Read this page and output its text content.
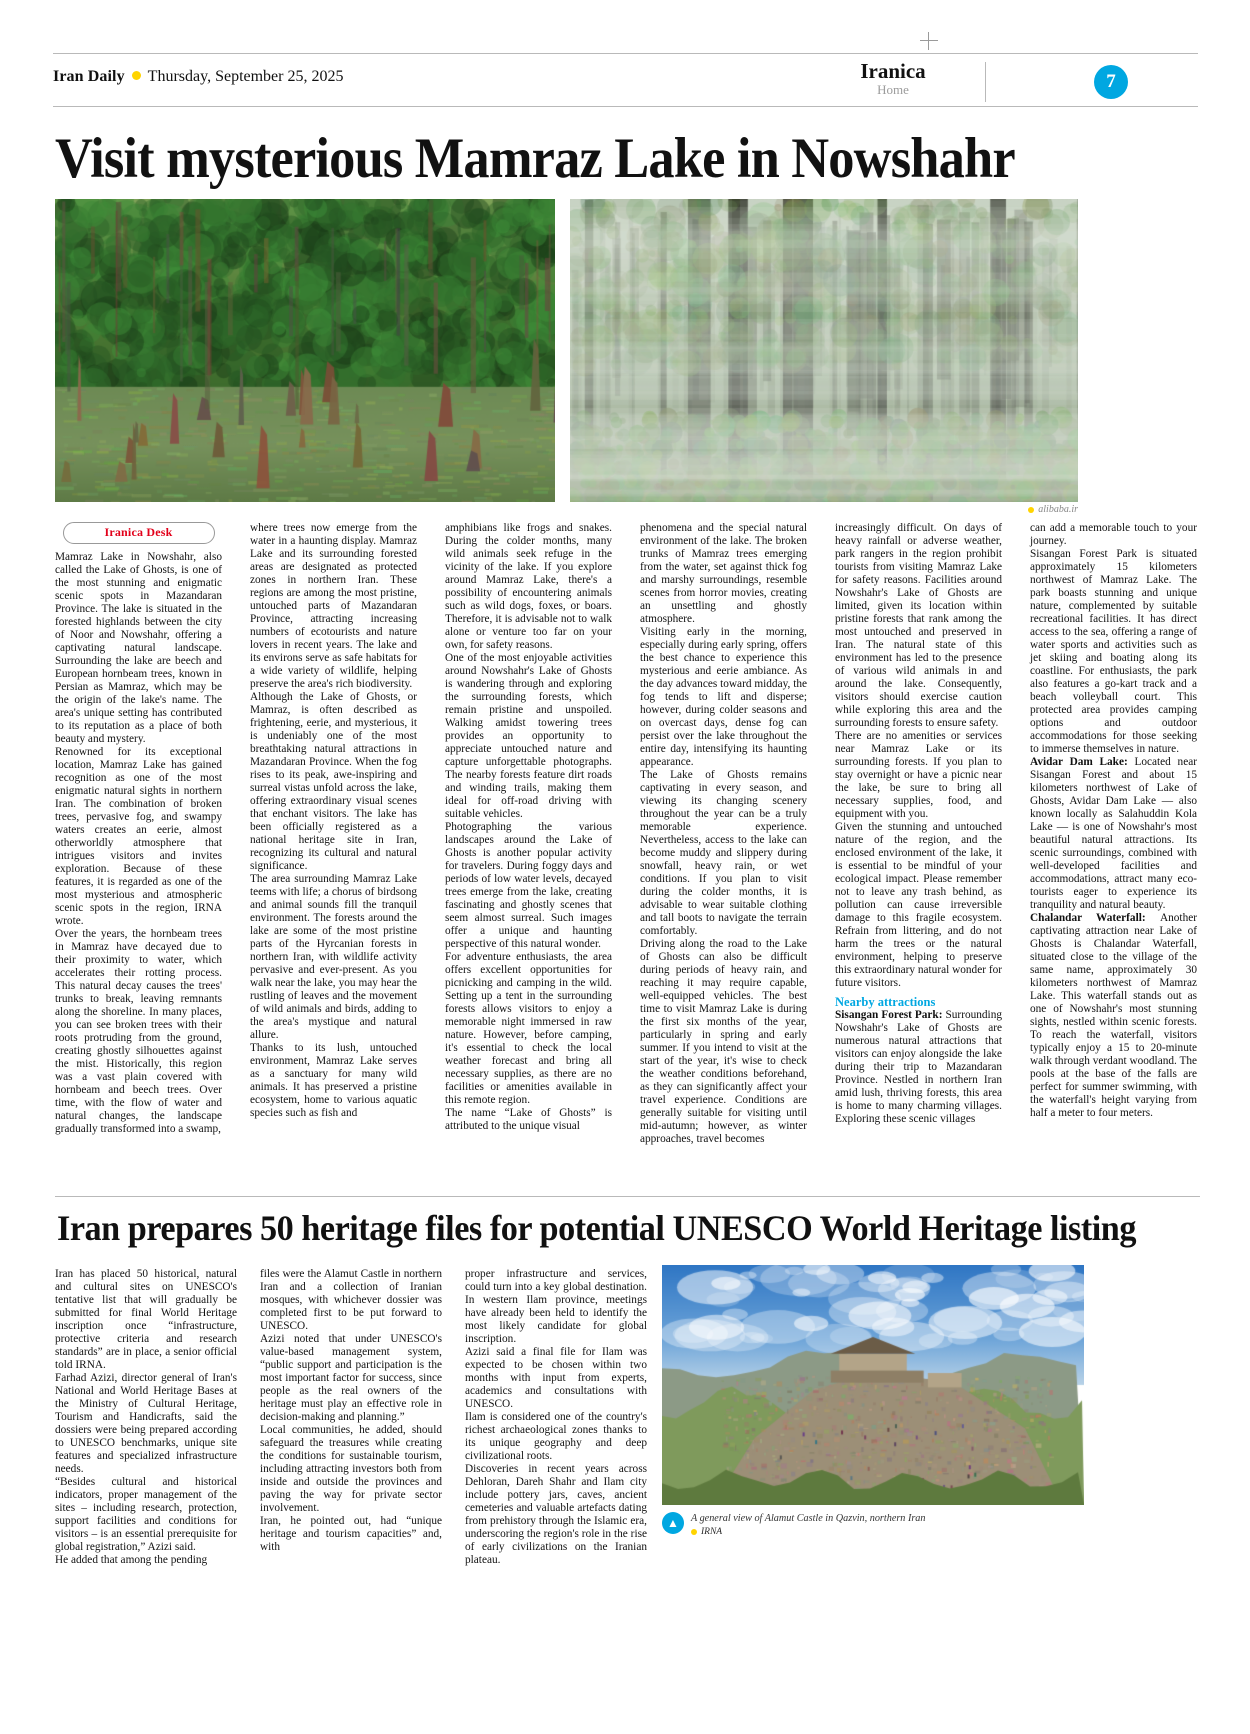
Iran Daily Thursday, September 25, 2025	Iranica
Home	7
Visit mysterious Mamraz Lake in Nowshahr
alibaba.ir
Iranica Desk

Mamraz Lake in Nowshahr, also called the Lake of Ghosts, is one of the most stunning and enigmatic scenic spots in Mazandaran Province. The lake is situated in the forested highlands between the city of Noor and Nowshahr, offering a captivating natural landscape. Surrounding the lake are beech and European hornbeam trees, known in Persian as Mamraz, which may be the origin of the lake's name. The area's unique setting has contributed to its reputation as a place of both beauty and mystery.

Renowned for its exceptional location, Mamraz Lake has gained recognition as one of the most enigmatic natural sights in northern Iran. The combination of broken trees, pervasive fog, and swampy waters creates an eerie, almost otherworldly atmosphere that intrigues visitors and invites exploration. Because of these features, it is regarded as one of the most mysterious and atmospheric scenic spots in the region, IRNA wrote.

Over the years, the hornbeam trees in Mamraz have decayed due to their proximity to water, which accelerates their rotting process. This natural decay causes the trees' trunks to break, leaving remnants along the shoreline. In many places, you can see broken trees with their roots protruding from the ground, creating ghostly silhouettes against the mist. Historically, this region was a vast plain covered with hornbeam and beech trees. Over time, with the flow of water and natural changes, the landscape gradually transformed into a swamp,

where trees now emerge from the water in a haunting display. Mamraz Lake and its surrounding forested areas are designated as protected zones in northern Iran. These regions are among the most pristine, untouched parts of Mazandaran Province, attracting increasing numbers of ecotourists and nature lovers in recent years. The lake and its environs serve as safe habitats for a wide variety of wildlife, helping preserve the area's rich biodiversity.

Although the Lake of Ghosts, or Mamraz, is often described as frightening, eerie, and mysterious, it is undeniably one of the most breathtaking natural attractions in Mazandaran Province. When the fog rises to its peak, awe-inspiring and surreal vistas unfold across the lake, offering extraordinary visual scenes that enchant visitors. The lake has been officially registered as a national heritage site in Iran, recognizing its cultural and natural significance.

The area surrounding Mamraz Lake teems with life; a chorus of birdsong and animal sounds fill the tranquil environment. The forests around the lake are some of the most pristine parts of the Hyrcanian forests in northern Iran, with wildlife activity pervasive and ever-present. As you walk near the lake, you may hear the rustling of leaves and the movement of wild animals and birds, adding to the area's mystique and natural allure.

Thanks to its lush, untouched environment, Mamraz Lake serves as a sanctuary for many wild animals. It has preserved a pristine ecosystem, home to various aquatic species such as fish and

amphibians like frogs and snakes. During the colder months, many wild animals seek refuge in the vicinity of the lake. If you explore around Mamraz Lake, there's a possibility of encountering animals such as wild dogs, foxes, or boars. Therefore, it is advisable not to walk alone or venture too far on your own, for safety reasons.

One of the most enjoyable activities around Nowshahr's Lake of Ghosts is wandering through and exploring the surrounding forests, which remain pristine and unspoiled. Walking amidst towering trees provides an opportunity to appreciate untouched nature and capture unforgettable photographs. The nearby forests feature dirt roads and winding trails, making them ideal for off-road driving with suitable vehicles.

Photographing the various landscapes around the Lake of Ghosts is another popular activity for travelers. During foggy days and periods of low water levels, decayed trees emerge from the lake, creating fascinating and ghostly scenes that seem almost surreal. Such images offer a unique and haunting perspective of this natural wonder.

For adventure enthusiasts, the area offers excellent opportunities for picnicking and camping in the wild. Setting up a tent in the surrounding forests allows visitors to enjoy a memorable night immersed in raw nature. However, before camping, it's essential to check the local weather forecast and bring all necessary supplies, as there are no facilities or amenities available in this remote region.

The name “Lake of Ghosts” is attributed to the unique visual

phenomena and the special natural environment of the lake. The broken trunks of Mamraz trees emerging from the water, set against thick fog and marshy surroundings, resemble scenes from horror movies, creating an unsettling and ghostly atmosphere.

Visiting early in the morning, especially during early spring, offers the best chance to experience this mysterious and eerie ambiance. As the day advances toward midday, the fog tends to lift and disperse; however, during colder seasons and on overcast days, dense fog can persist over the lake throughout the entire day, intensifying its haunting appearance.

The Lake of Ghosts remains captivating in every season, and viewing its changing scenery throughout the year can be a truly memorable experience. Nevertheless, access to the lake can become muddy and slippery during snowfall, heavy rain, or wet conditions. If you plan to visit during the colder months, it is advisable to wear suitable clothing and tall boots to navigate the terrain comfortably.

Driving along the road to the Lake of Ghosts can also be difficult during periods of heavy rain, and reaching it may require capable, well-equipped vehicles. The best time to visit Mamraz Lake is during the first six months of the year, particularly in spring and early summer. If you intend to visit at the start of the year, it's wise to check the weather conditions beforehand, as they can significantly affect your travel experience. Conditions are generally suitable for visiting until mid-autumn; however, as winter approaches, travel becomes

increasingly difficult. On days of heavy rainfall or adverse weather, park rangers in the region prohibit tourists from visiting Mamraz Lake for safety reasons. Facilities around Nowshahr's Lake of Ghosts are limited, given its location within pristine forests that rank among the most untouched and preserved in Iran. The natural state of this environment has led to the presence of various wild animals in and around the lake. Consequently, visitors should exercise caution while exploring this area and the surrounding forests to ensure safety.

There are no amenities or services near Mamraz Lake or its surrounding forests. If you plan to stay overnight or have a picnic near the lake, be sure to bring all necessary supplies, food, and equipment with you.

Given the stunning and untouched nature of the region, and the enclosed environment of the lake, it is essential to be mindful of your ecological impact. Please remember not to leave any trash behind, as pollution can cause irreversible damage to this fragile ecosystem. Refrain from littering, and do not harm the trees or the natural environment, helping to preserve this extraordinary natural wonder for future visitors.

Nearby attractions

Sisangan Forest Park: Surrounding Nowshahr's Lake of Ghosts are numerous natural attractions that visitors can enjoy alongside the lake during their trip to Mazandaran Province. Nestled in northern Iran amid lush, thriving forests, this area is home to many charming villages. Exploring these scenic villages

can add a memorable touch to your journey.

Sisangan Forest Park is situated approximately 15 kilometers northwest of Mamraz Lake. The park boasts stunning and unique nature, complemented by suitable recreational facilities. It has direct access to the sea, offering a range of water sports and activities such as jet skiing and boating along its coastline. For enthusiasts, the park also features a go-kart track and a beach volleyball court. This protected area provides camping options and outdoor accommodations for those seeking to immerse themselves in nature.

Avidar Dam Lake: Located near Sisangan Forest and about 15 kilometers northwest of Lake of Ghosts, Avidar Dam Lake — also known locally as Salahuddin Kola Lake — is one of Nowshahr's most beautiful natural attractions. Its scenic surroundings, combined with well-developed facilities and accommodations, attract many eco-tourists eager to experience its tranquility and natural beauty.

Chalandar Waterfall: Another captivating attraction near Lake of Ghosts is Chalandar Waterfall, situated close to the village of the same name, approximately 30 kilometers northwest of Mamraz Lake. This waterfall stands out as one of Nowshahr's most stunning sights, nestled within scenic forests. To reach the waterfall, visitors typically enjoy a 15 to 20-minute walk through verdant woodland. The pools at the base of the falls are perfect for summer swimming, with the waterfall's height varying from half a meter to four meters.

Iran prepares 50 heritage files for potential UNESCO World Heritage listing

Iran has placed 50 historical, natural and cultural sites on UNESCO's tentative list that will gradually be submitted for final World Heritage inscription once “infrastructure, protective criteria and research standards” are in place, a senior official told IRNA.

Farhad Azizi, director general of Iran's National and World Heritage Bases at the Ministry of Cultural Heritage, Tourism and Handicrafts, said the dossiers were being prepared according to UNESCO benchmarks, unique site features and specialized infrastructure needs.

“Besides cultural and historical indicators, proper management of the sites – including research, protection, support facilities and conditions for visitors – is an essential prerequisite for global registration,” Azizi said.

He added that among the pending

files were the Alamut Castle in northern Iran and a collection of Iranian mosques, with whichever dossier was completed first to be put forward to UNESCO.

Azizi noted that under UNESCO's value-based management system, “public support and participation is the most important factor for success, since people as the real owners of the heritage must play an effective role in decision-making and planning.”

Local communities, he added, should safeguard the treasures while creating the conditions for sustainable tourism, including attracting investors both from inside and outside the provinces and paving the way for private sector involvement.

Iran, he pointed out, had “unique heritage and tourism capacities” and, with

proper infrastructure and services, could turn into a key global destination. In western Ilam province, meetings have already been held to identify the most likely candidate for global inscription.

Azizi said a final file for Ilam was expected to be chosen within two months with input from experts, academics and consultations with UNESCO.

Ilam is considered one of the country's richest archaeological zones thanks to its unique geography and deep civilizational roots.

Discoveries in recent years across Dehloran, Dareh Shahr and Ilam city include pottery jars, caves, ancient cemeteries and valuable artefacts dating from prehistory through the Islamic era, underscoring the region's role in the rise of early civilizations on the Iranian plateau.

▲	A general view of Alamut Castle in Qazvin, northern Iran
IRNA
